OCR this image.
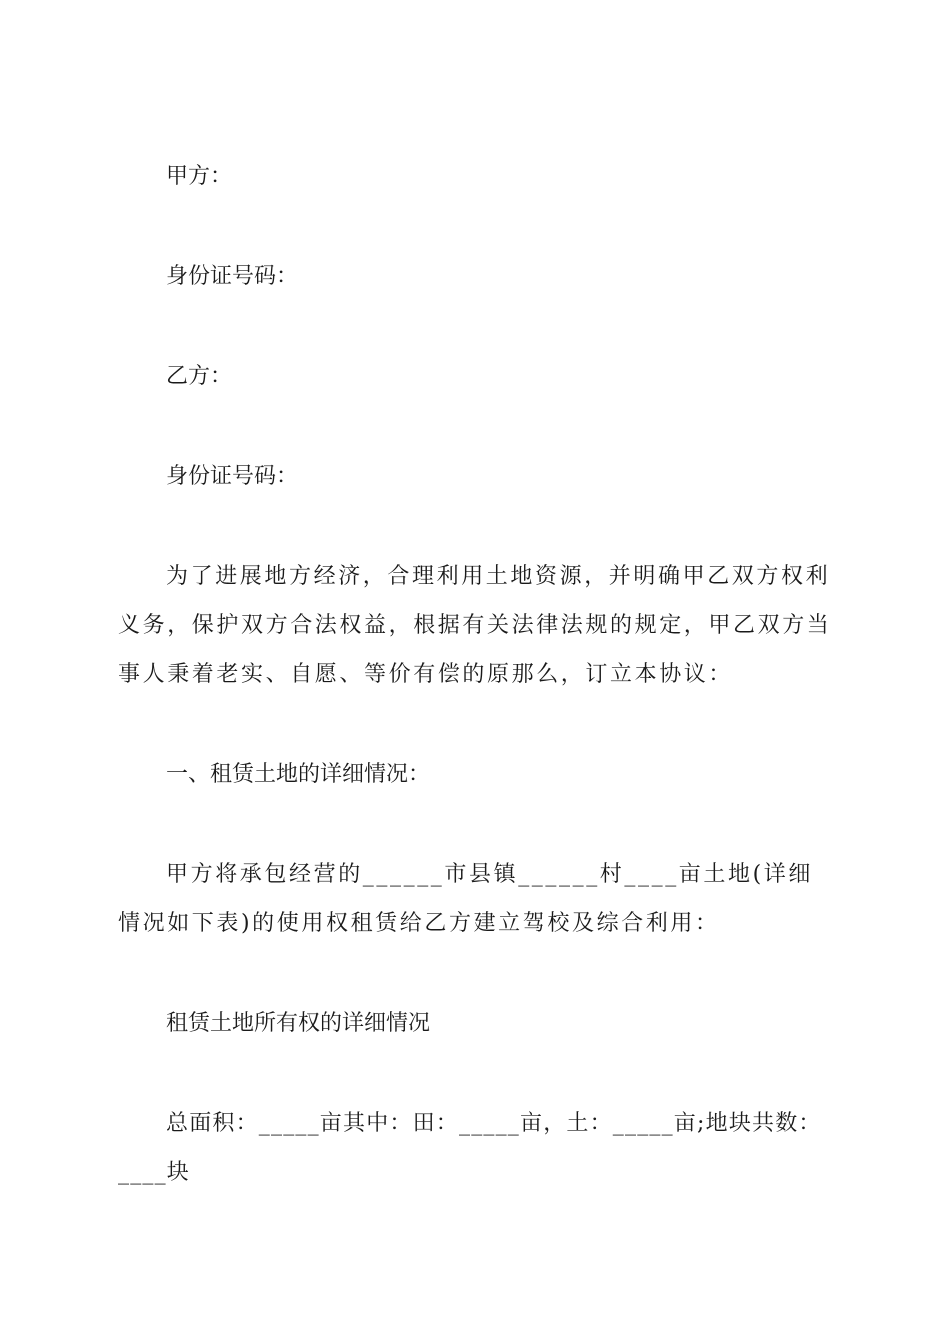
甲方：
身份证号码：
乙方：
身份证号码：
为了进展地方经济，合理利用土地资源，并明确甲乙双方权利义务，保护双方合法权益，根据有关法律法规的规定，甲乙双方当事人秉着老实、自愿、等价有偿的原那么，订立本协议：
一、租赁土地的详细情况：
甲方将承包经营的______市县镇______村____亩土地(详细情况如下表)的使用权租赁给乙方建立驾校及综合利用：
租赁土地所有权的详细情况
总面积：_____亩其中：田：_____亩，土：_____亩;地块共数：____块
